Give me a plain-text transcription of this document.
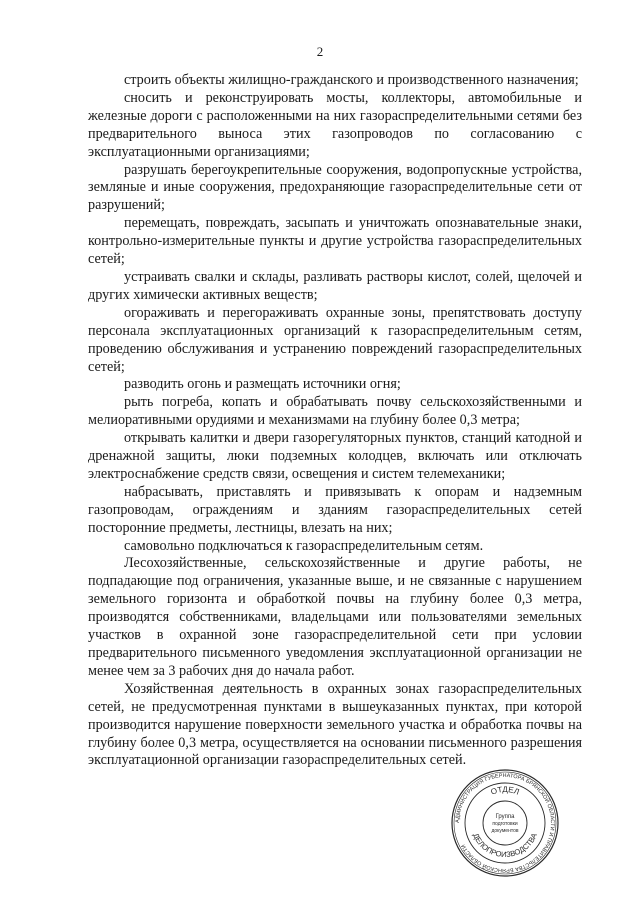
2

строить объекты жилищно-гражданского и производственного назначения;

сносить и реконструировать мосты, коллекторы, автомобильные и железные дороги с расположенными на них газораспределительными сетями без предварительного выноса этих газопроводов по согласованию с эксплуатационными организациями;

разрушать берегоукрепительные сооружения, водопропускные устройства, земляные и иные сооружения, предохраняющие газораспределительные сети от разрушений;

перемещать, повреждать, засыпать и уничтожать опознавательные знаки, контрольно-измерительные пункты и другие устройства газораспределительных сетей;

устраивать свалки и склады, разливать растворы кислот, солей, щелочей и других химически активных веществ;

огораживать и перегораживать охранные зоны, препятствовать доступу персонала эксплуатационных организаций к газораспределительным сетям, проведению обслуживания и устранению повреждений газораспределительных сетей;

разводить огонь и размещать источники огня;

рыть погреба, копать и обрабатывать почву сельскохозяйственными и мелиоративными орудиями и механизмами на глубину более 0,3 метра;

открывать калитки и двери газорегуляторных пунктов, станций катодной и дренажной защиты, люки подземных колодцев, включать или отключать электроснабжение средств связи, освещения и систем телемеханики;

набрасывать, приставлять и привязывать к опорам и надземным газопроводам, ограждениям и зданиям газораспределительных сетей посторонние предметы, лестницы, влезать на них;

самовольно подключаться к газораспределительным сетям.

Лесохозяйственные, сельскохозяйственные и другие работы, не подпадающие под ограничения, указанные выше, и не связанные с нарушением земельного горизонта и обработкой почвы на глубину более 0,3 метра, производятся собственниками, владельцами или пользователями земельных участков в охранной зоне газораспределительной сети при условии предварительного письменного уведомления эксплуатационной организации не менее чем за 3 рабочих дня до начала работ.

Хозяйственная деятельность в охранных зонах газораспределительных сетей, не предусмотренная пунктами в вышеуказанных пунктах, при которой производится нарушение поверхности земельного участка и обработка почвы на глубину более 0,3 метра, осуществляется на основании письменного разрешения эксплуатационной организации газораспределительных сетей.

АДМИНИСТРАЦИЯ ГУБЕРНАТОРА БРЯНСКОЙ ОБЛАСТИ И ПРАВИТЕЛЬСТВА БРЯНСКОЙ ОБЛАСТИ
ОТДЕЛ
ДЕЛОПРОИЗВОДСТВА
Группа
подготовки
документов
